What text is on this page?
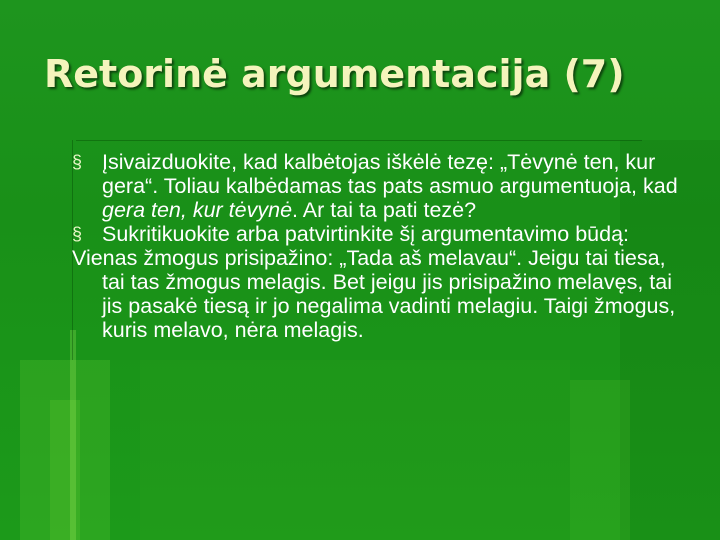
Retorinė argumentacija (7)

§ Įsivaizduokite, kad kalbėtojas iškėlė tezę: „Tėvynė ten, kur gera“. Toliau kalbėdamas tas pats asmuo argumentuoja, kad gera ten, kur tėvynė. Ar tai ta pati tezė?

§ Sukritikuokite arba patvirtinkite šį argumentavimo būdą:

Vienas žmogus prisipažino: „Tada aš melavau“. Jeigu tai tiesa, tai tas žmogus melagis. Bet jeigu jis prisipažino melavęs, tai jis pasakė tiesą ir jo negalima vadinti melagiu. Taigi žmogus, kuris melavo, nėra melagis.
